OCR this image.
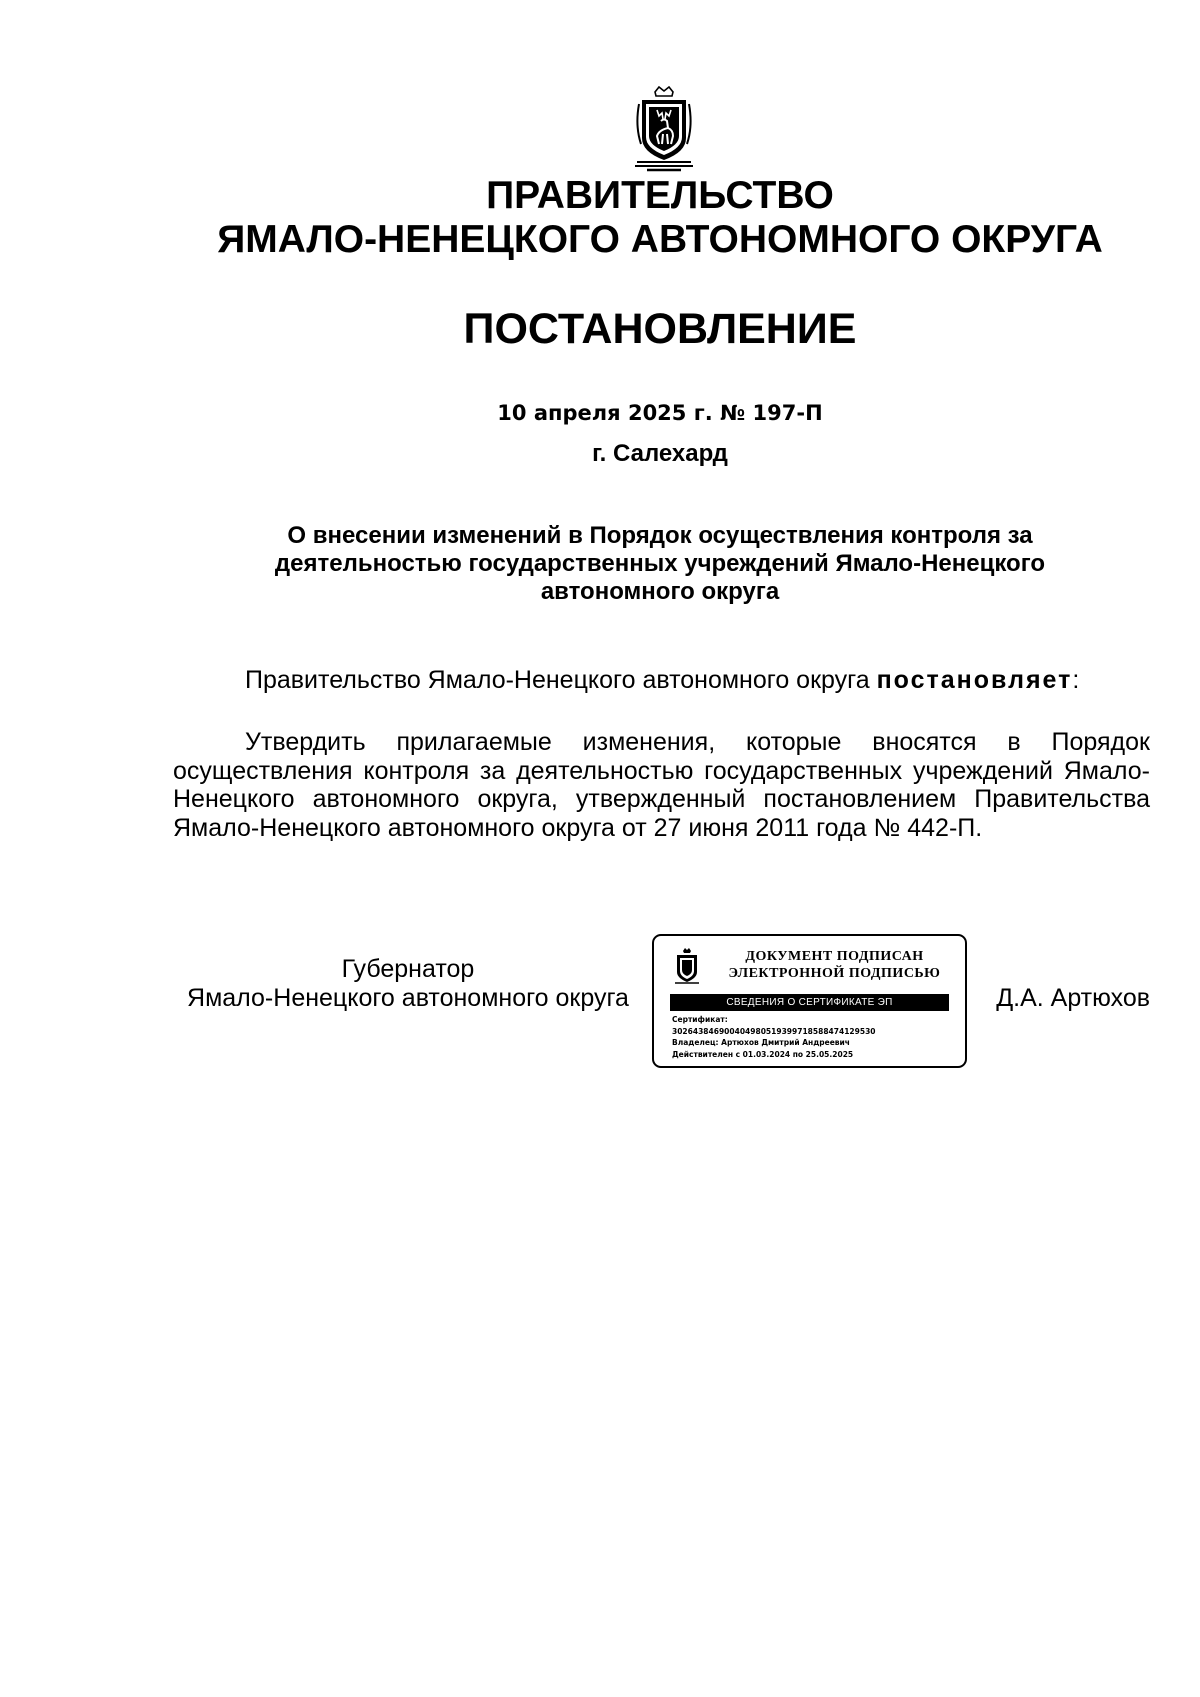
ПРАВИТЕЛЬСТВО
ЯМАЛО-НЕНЕЦКОГО АВТОНОМНОГО ОКРУГА
ПОСТАНОВЛЕНИЕ
10 апреля 2025 г. № 197-П
г. Салехард
О внесении изменений в Порядок осуществления контроля за деятельностью государственных учреждений Ямало-Ненецкого автономного округа
Правительство Ямало-Ненецкого автономного округа постановляет:

Утвердить прилагаемые изменения, которые вносятся в Порядок осуществления контроля за деятельностью государственных учреждений Ямало-Ненецкого автономного округа, утвержденный постановлением Правительства Ямало-Ненецкого автономного округа от 27 июня 2011 года № 442-П.

Губернатор
Ямало-Ненецкого автономного округа
ДОКУМЕНТ ПОДПИСАН
ЭЛЕКТРОННОЙ ПОДПИСЬЮ
СВЕДЕНИЯ О СЕРТИФИКАТЕ ЭП
Сертификат:
30264384690040498051939971858847412953​0
Владелец: Артюхов Дмитрий Андреевич
Действителен с 01.03.2024 по 25.05.2025
Д.А. Артюхов
